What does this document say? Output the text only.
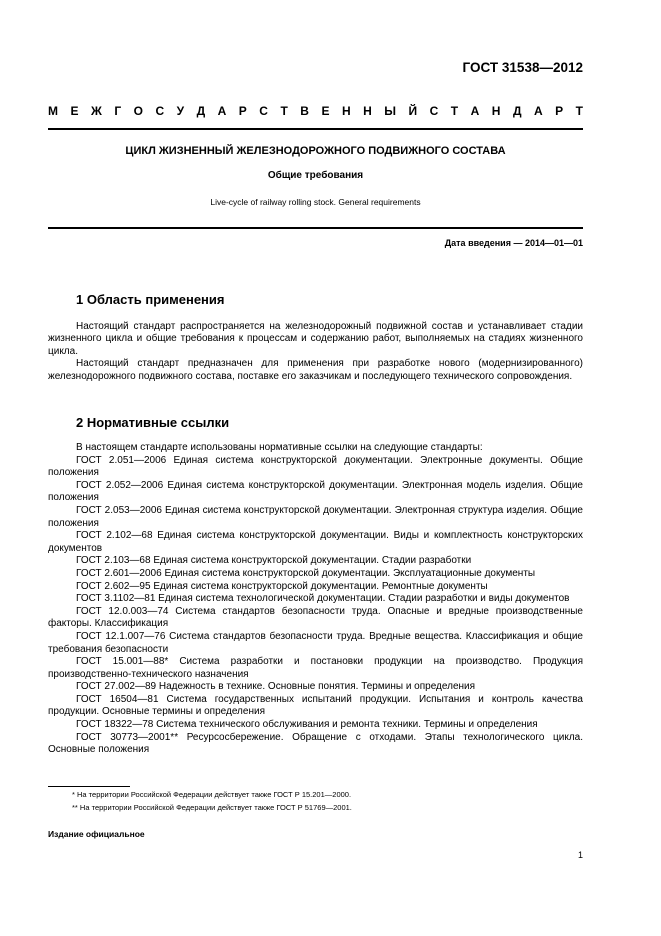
ГОСТ 31538—2012
М Е Ж Г О С У Д А Р С Т В Е Н Н Ы Й С Т А Н Д А Р Т
ЦИКЛ ЖИЗНЕННЫЙ ЖЕЛЕЗНОДОРОЖНОГО ПОДВИЖНОГО СОСТАВА
Общие требования
Live-cycle of railway rolling stock. General requirements
Дата введения — 2014—01—01
1 Область применения

Настоящий стандарт распространяется на железнодорожный подвижной состав и устанавливает стадии жизненного цикла и общие требования к процессам и содержанию работ, выполняемых на стадиях жизненного цикла.

Настоящий стандарт предназначен для применения при разработке нового (модернизированного) железнодорожного подвижного состава, поставке его заказчикам и последующего технического сопровождения.

2 Нормативные ссылки

В настоящем стандарте использованы нормативные ссылки на следующие стандарты:

ГОСТ 2.051—2006 Единая система конструкторской документации. Электронные документы. Общие положения

ГОСТ 2.052—2006 Единая система конструкторской документации. Электронная модель изделия. Общие положения

ГОСТ 2.053—2006 Единая система конструкторской документации. Электронная структура изделия. Общие положения

ГОСТ 2.102—68 Единая система конструкторской документации. Виды и комплектность конструкторских документов

ГОСТ 2.103—68 Единая система конструкторской документации. Стадии разработки

ГОСТ 2.601—2006 Единая система конструкторской документации. Эксплуатационные документы

ГОСТ 2.602—95 Единая система конструкторской документации. Ремонтные документы

ГОСТ 3.1102—81 Единая система технологической документации. Стадии разработки и виды документов

ГОСТ 12.0.003—74 Система стандартов безопасности труда. Опасные и вредные производственные факторы. Классификация

ГОСТ 12.1.007—76 Система стандартов безопасности труда. Вредные вещества. Классификация и общие требования безопасности

ГОСТ 15.001—88* Система разработки и постановки продукции на производство. Продукция производственно-технического назначения

ГОСТ 27.002—89 Надежность в технике. Основные понятия. Термины и определения

ГОСТ 16504—81 Система государственных испытаний продукции. Испытания и контроль качества продукции. Основные термины и определения

ГОСТ 18322—78 Система технического обслуживания и ремонта техники. Термины и определения

ГОСТ 30773—2001** Ресурсосбережение. Обращение с отходами. Этапы технологического цикла. Основные положения

* На территории Российской Федерации действует также ГОСТ Р 15.201—2000.
** На территории Российской Федерации действует также ГОСТ Р 51769—2001.
Издание официальное
1
